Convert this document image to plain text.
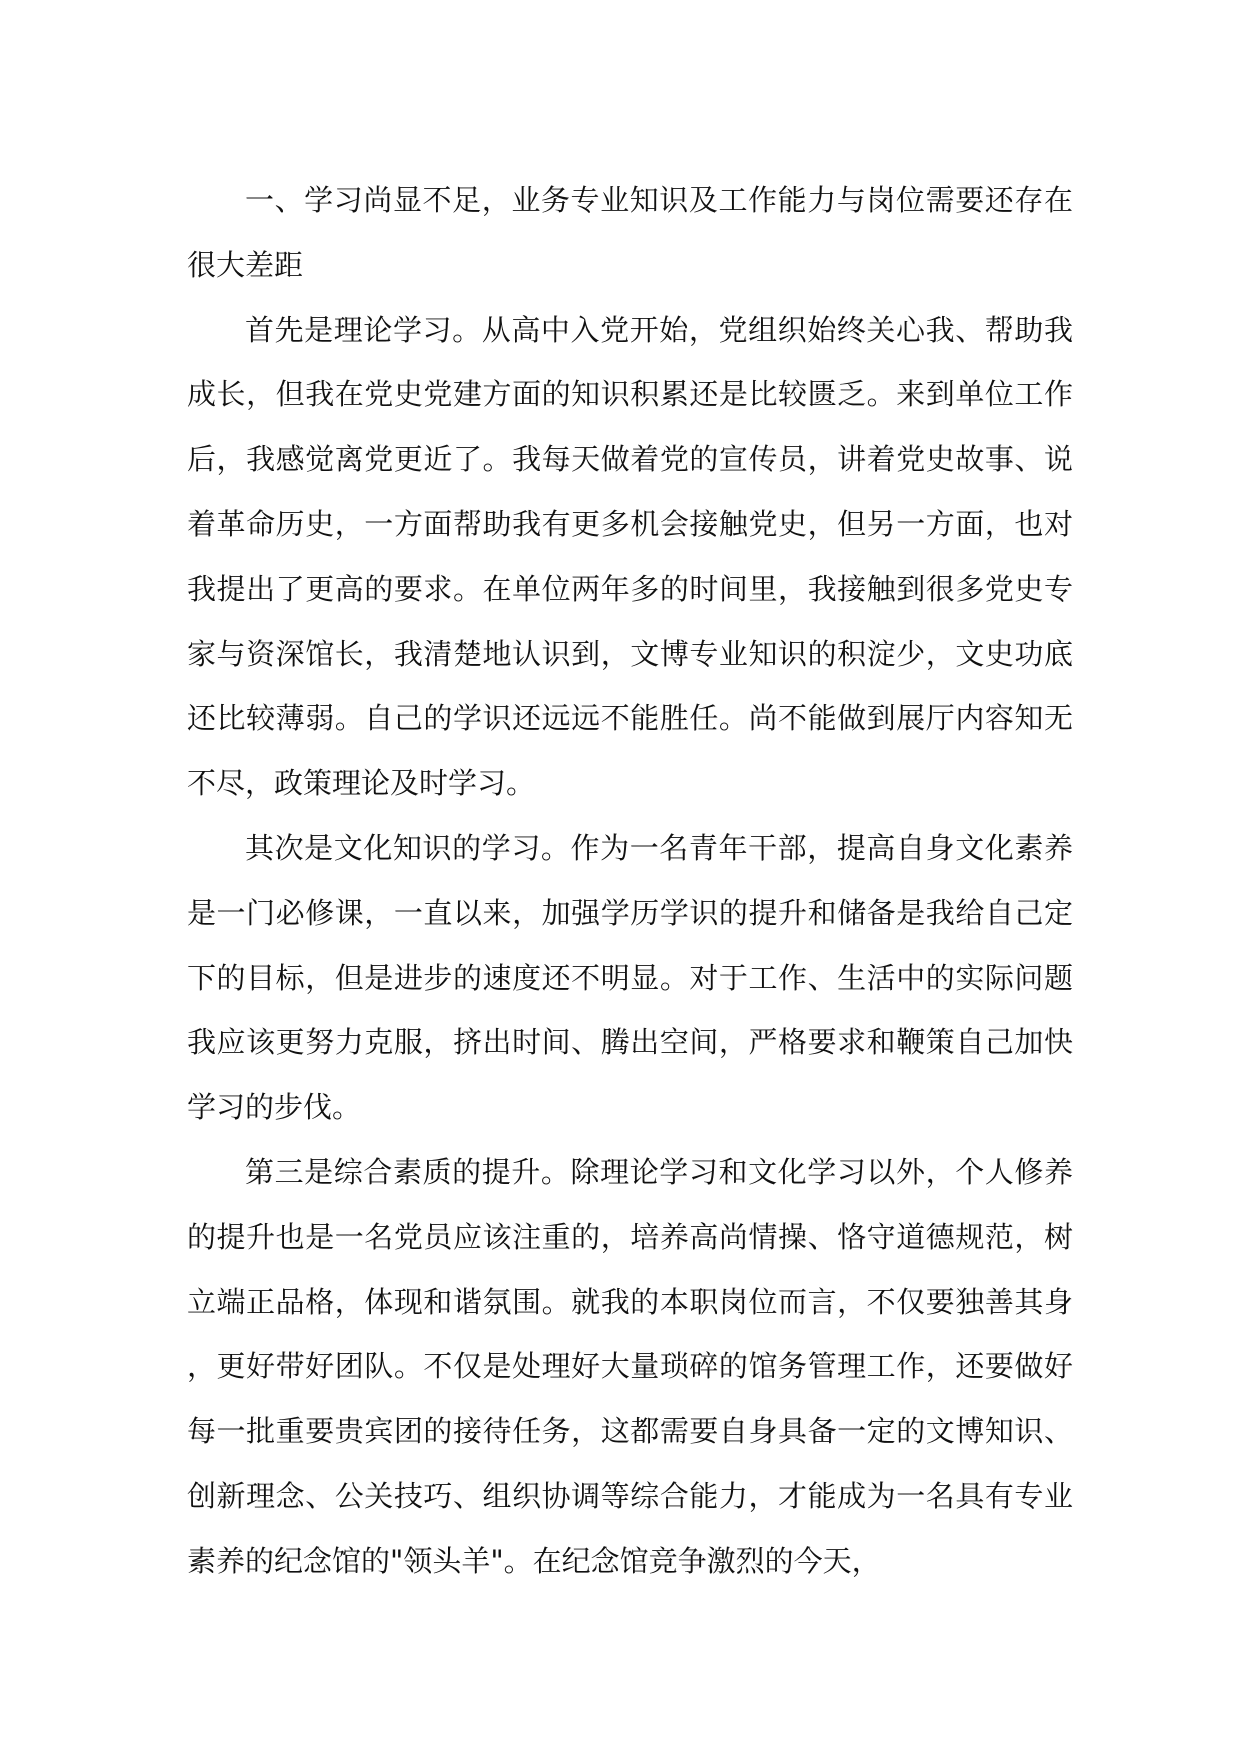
一、学习尚显不足，业务专业知识及工作能力与岗位需要还存在很大差距

首先是理论学习。从高中入党开始，党组织始终关心我、帮助我成长，但我在党史党建方面的知识积累还是比较匮乏。来到单位工作后，我感觉离党更近了。我每天做着党的宣传员，讲着党史故事、说着革命历史，一方面帮助我有更多机会接触党史，但另一方面，也对我提出了更高的要求。在单位两年多的时间里，我接触到很多党史专家与资深馆长，我清楚地认识到，文博专业知识的积淀少，文史功底还比较薄弱。自己的学识还远远不能胜任。尚不能做到展厅内容知无不尽，政策理论及时学习。

其次是文化知识的学习。作为一名青年干部，提高自身文化素养是一门必修课，一直以来，加强学历学识的提升和储备是我给自己定下的目标，但是进步的速度还不明显。对于工作、生活中的实际问题我应该更努力克服，挤出时间、腾出空间，严格要求和鞭策自己加快学习的步伐。

第三是综合素质的提升。除理论学习和文化学习以外，个人修养的提升也是一名党员应该注重的，培养高尚情操、恪守道德规范，树立端正品格，体现和谐氛围。就我的本职岗位而言，不仅要独善其身，更好带好团队。不仅是处理好大量琐碎的馆务管理工作，还要做好每一批重要贵宾团的接待任务，这都需要自身具备一定的文博知识、创新理念、公关技巧、组织协调等综合能力，才能成为一名具有专业素养的纪念馆的"领头羊"。在纪念馆竞争激烈的今天，
